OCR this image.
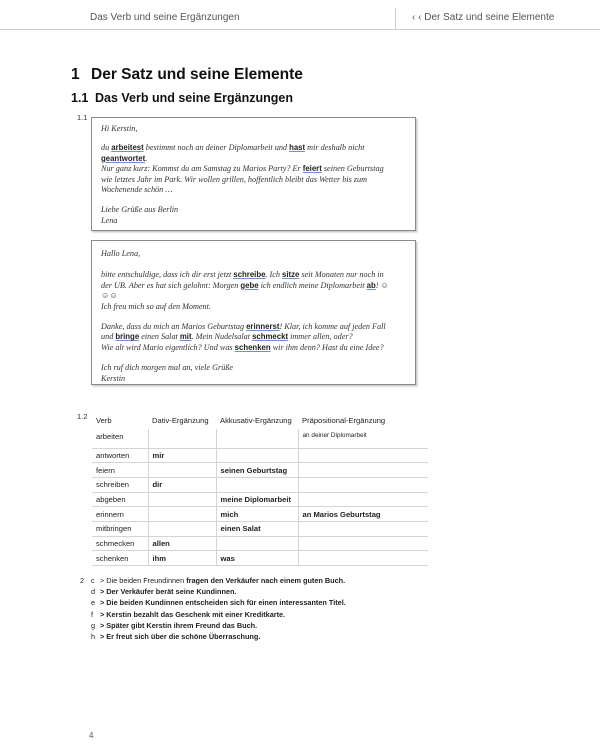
Das Verb und seine Ergänzungen	‹ ‹ Der Satz und seine Elemente
1 Der Satz und seine Elemente
1.1 Das Verb und seine Ergänzungen
1.1

Hi Kerstin,

du arbeitest bestimmt noch an deiner Diplomarbeit und hast mir deshalb nicht

geantwortet.

Nur ganz kurz: Kommst du am Samstag zu Marios Party? Er feiert seinen Geburtstag

wie letztes Jahr im Park. Wir wollen grillen, hoffentlich bleibt das Wetter bis zum

Wochenende schön …

Liebe Grüße aus Berlin

Lena

Hallo Lena,

bitte entschuldige, dass ich dir erst jetzt schreibe. Ich sitze seit Monaten nur noch in

der UB. Aber es hat sich gelohnt: Morgen gebe ich endlich meine Diplomarbeit ab! ☺

☺☺

Ich freu mich so auf den Moment.

Danke, dass du mich an Marios Geburtstag erinnerst! Klar, ich komme auf jeden Fall

und bringe einen Salat mit. Mein Nudelsalat schmeckt immer allen, oder?

Wie alt wird Mario eigentlich? Und was schenken wir ihm denn? Hast du eine Idee?

Ich ruf dich morgen mal an, viele Grüße

Kerstin

1.2 Verb	Dativ-Ergänzung	Akkusativ-Ergänzung	Präpositional-Ergänzung
arbeiten			an deiner Diplomarbeit
antworten	mir		
feiern		seinen Geburtstag	
schreiben	dir		
abgeben		meine Diplomarbeit	
erinnern		mich	an Marios Geburtstag
mitbringen		einen Salat	
schmecken	allen		
schenken	ihm	was	
2 c > Die beiden Freundinnen fragen den Verkäufer nach einem guten Buch.
d > Der Verkäufer berät seine Kundinnen.
e > Die beiden Kundinnen entscheiden sich für einen interessanten Titel.
f > Kerstin bezahlt das Geschenk mit einer Kreditkarte.
g > Später gibt Kerstin ihrem Freund das Buch.
h > Er freut sich über die schöne Überraschung.
4
